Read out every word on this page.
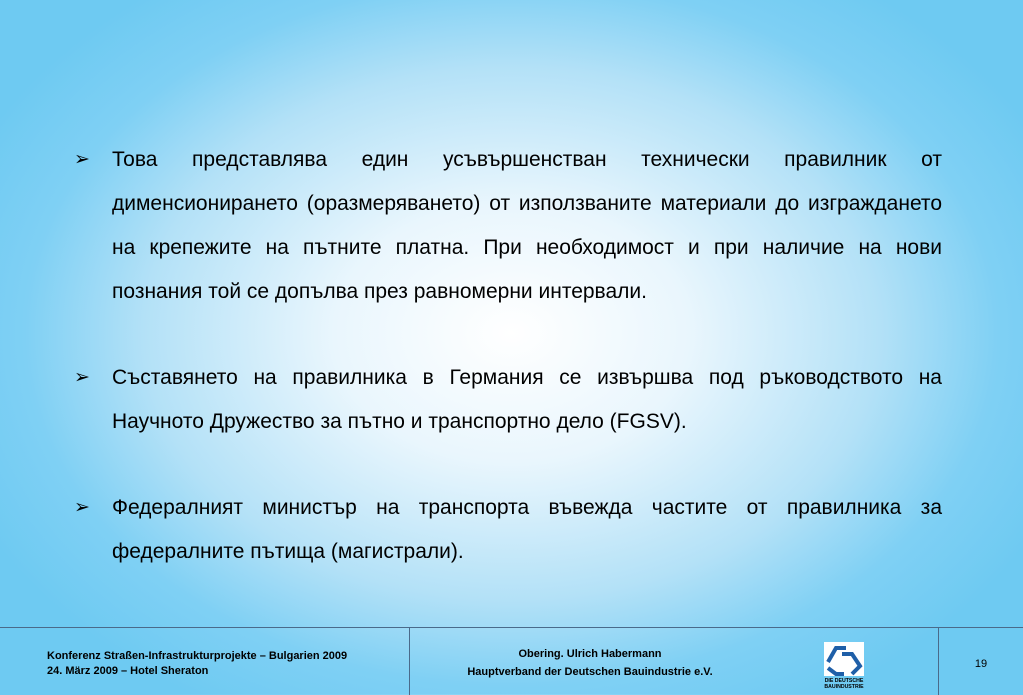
➢	Това представлява един усъвършенстван технически правилник от дименсионирането (оразмеряването) от използваните материали до изграждането на крепежите на пътните платна. При необходимост и при наличие на нови познания той се допълва през равномерни интервали.
➢	Съставянето на правилника в Германия се извършва под ръководството на Научното Дружество за пътно и транспортно дело (FGSV).
➢	Федералният министър на транспорта въвежда частите от правилника за федералните пътища (магистрали).
Konferenz Straßen-Infrastrukturprojekte – Bulgarien 2009
24. März 2009 – Hotel Sheraton
Obering. Ulrich Habermann
Hauptverband der Deutschen Bauindustrie e.V.
DIE DEUTSCHE
BAUINDUSTRIE
19
